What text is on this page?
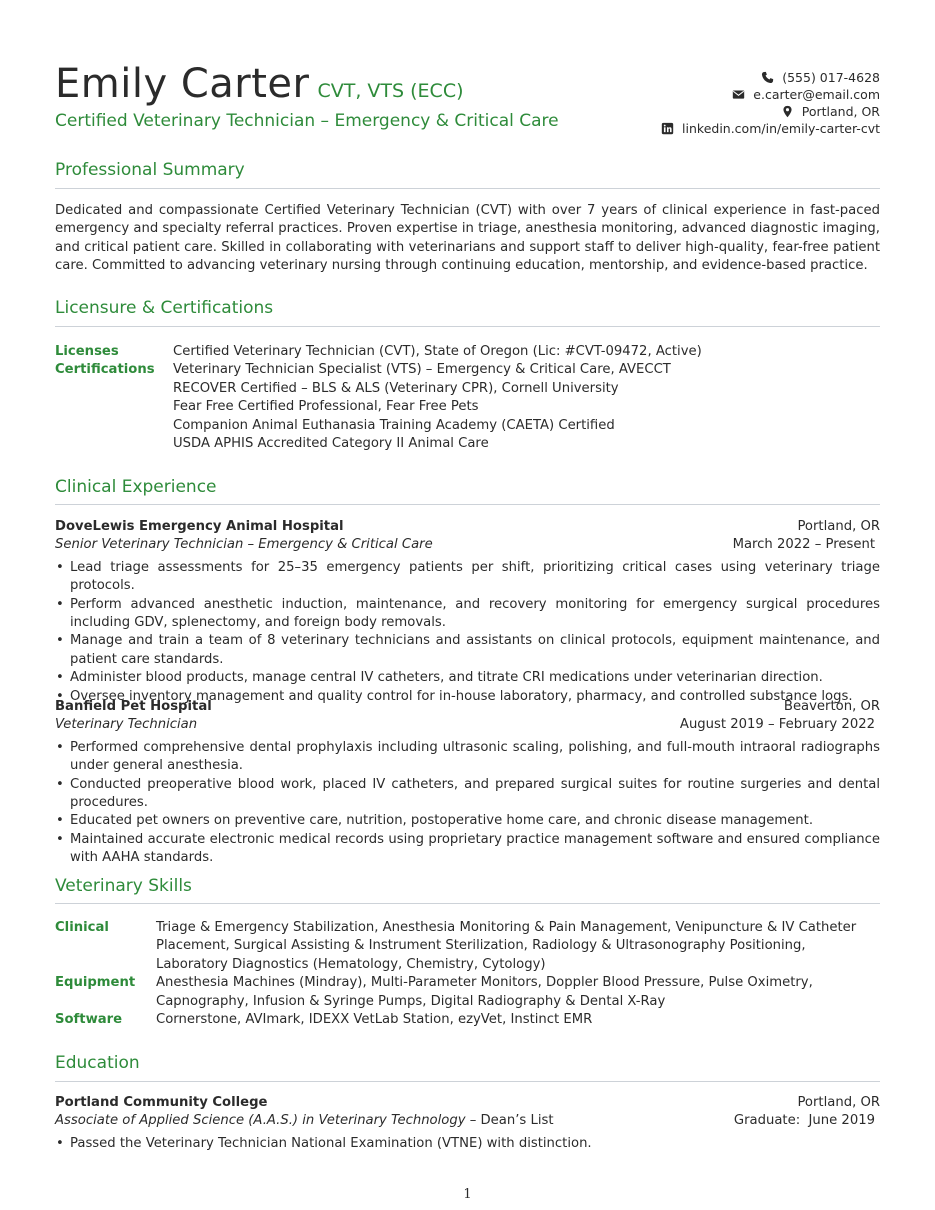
Emily Carter CVT, VTS (ECC)
Certified Veterinary Technician – Emergency & Critical Care
(555) 017-4628
e.carter@email.com
Portland, OR
linkedin.com/in/emily-carter-cvt
Professional Summary
Dedicated and compassionate Certified Veterinary Technician (CVT) with over 7 years of clinical experience in fast-paced emergency and specialty referral practices. Proven expertise in triage, anesthesia monitoring, advanced diagnostic imaging, and critical patient care. Skilled in collaborating with veterinarians and support staff to deliver high-quality, fear-free patient care. Committed to advancing veterinary nursing through continuing education, mentorship, and evidence-based practice.
Licensure & Certifications
Licenses	Certified Veterinary Technician (CVT), State of Oregon (Lic: #CVT-09472, Active)
Certifications	Veterinary Technician Specialist (VTS) – Emergency & Critical Care, AVECCT
RECOVER Certified – BLS & ALS (Veterinary CPR), Cornell University
Fear Free Certified Professional, Fear Free Pets
Companion Animal Euthanasia Training Academy (CAETA) Certified
USDA APHIS Accredited Category II Animal Care
Clinical Experience
DoveLewis Emergency Animal Hospital	Portland, OR
Senior Veterinary Technician – Emergency & Critical Care	March 2022 – Present
• Lead triage assessments for 25–35 emergency patients per shift, prioritizing critical cases using veterinary triage protocols.
• Perform advanced anesthetic induction, maintenance, and recovery monitoring for emergency surgical procedures including GDV, splenectomy, and foreign body removals.
• Manage and train a team of 8 veterinary technicians and assistants on clinical protocols, equipment maintenance, and patient care standards.
• Administer blood products, manage central IV catheters, and titrate CRI medications under veterinarian direction.
• Oversee inventory management and quality control for in-house laboratory, pharmacy, and controlled substance logs.
Banfield Pet Hospital	Beaverton, OR
Veterinary Technician	August 2019 – February 2022
• Performed comprehensive dental prophylaxis including ultrasonic scaling, polishing, and full-mouth intraoral radiographs under general anesthesia.
• Conducted preoperative blood work, placed IV catheters, and prepared surgical suites for routine surgeries and dental procedures.
• Educated pet owners on preventive care, nutrition, postoperative home care, and chronic disease management.
• Maintained accurate electronic medical records using proprietary practice management software and ensured compliance with AAHA standards.
Veterinary Skills
Clinical	Triage & Emergency Stabilization, Anesthesia Monitoring & Pain Management, Venipuncture & IV Catheter Placement, Surgical Assisting & Instrument Sterilization, Radiology & Ultrasonography Positioning, Laboratory Diagnostics (Hematology, Chemistry, Cytology)
Equipment	Anesthesia Machines (Mindray), Multi-Parameter Monitors, Doppler Blood Pressure, Pulse Oximetry, Capnography, Infusion & Syringe Pumps, Digital Radiography & Dental X-Ray
Software	Cornerstone, AVImark, IDEXX VetLab Station, ezyVet, Instinct EMR
Education
Portland Community College	Portland, OR
Associate of Applied Science (A.A.S.) in Veterinary Technology – Dean’s List	Graduate:  June 2019
• Passed the Veterinary Technician National Examination (VTNE) with distinction.
1
